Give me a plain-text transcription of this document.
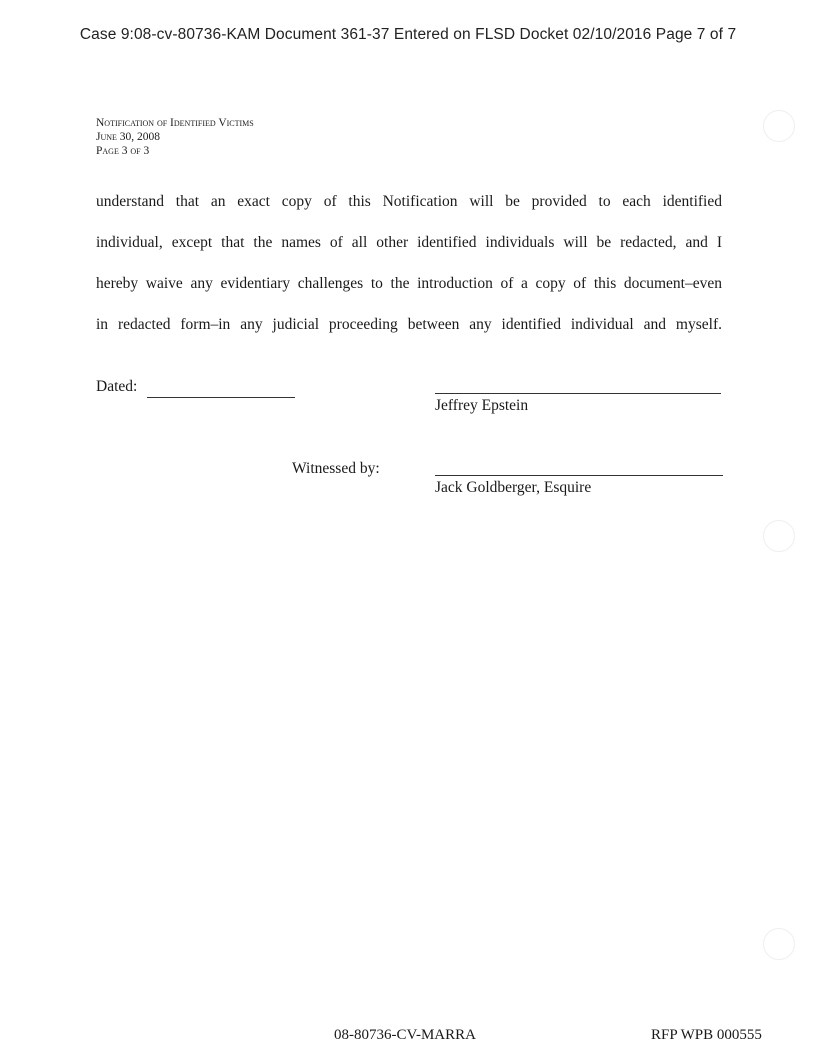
Case 9:08-cv-80736-KAM Document 361-37 Entered on FLSD Docket 02/10/2016 Page 7 of 7
Notification of Identified Victims
June 30, 2008
Page 3 of 3
understand that an exact copy of this Notification will be provided to each identified
individual, except that the names of all other identified individuals will be redacted, and I
hereby waive any evidentiary challenges to the introduction of a copy of this document–even
in redacted form–in any judicial proceeding between any identified individual and myself.
Dated:
Jeffrey Epstein
Witnessed by:
Jack Goldberger, Esquire
08-80736-CV-MARRA	RFP WPB 000555
